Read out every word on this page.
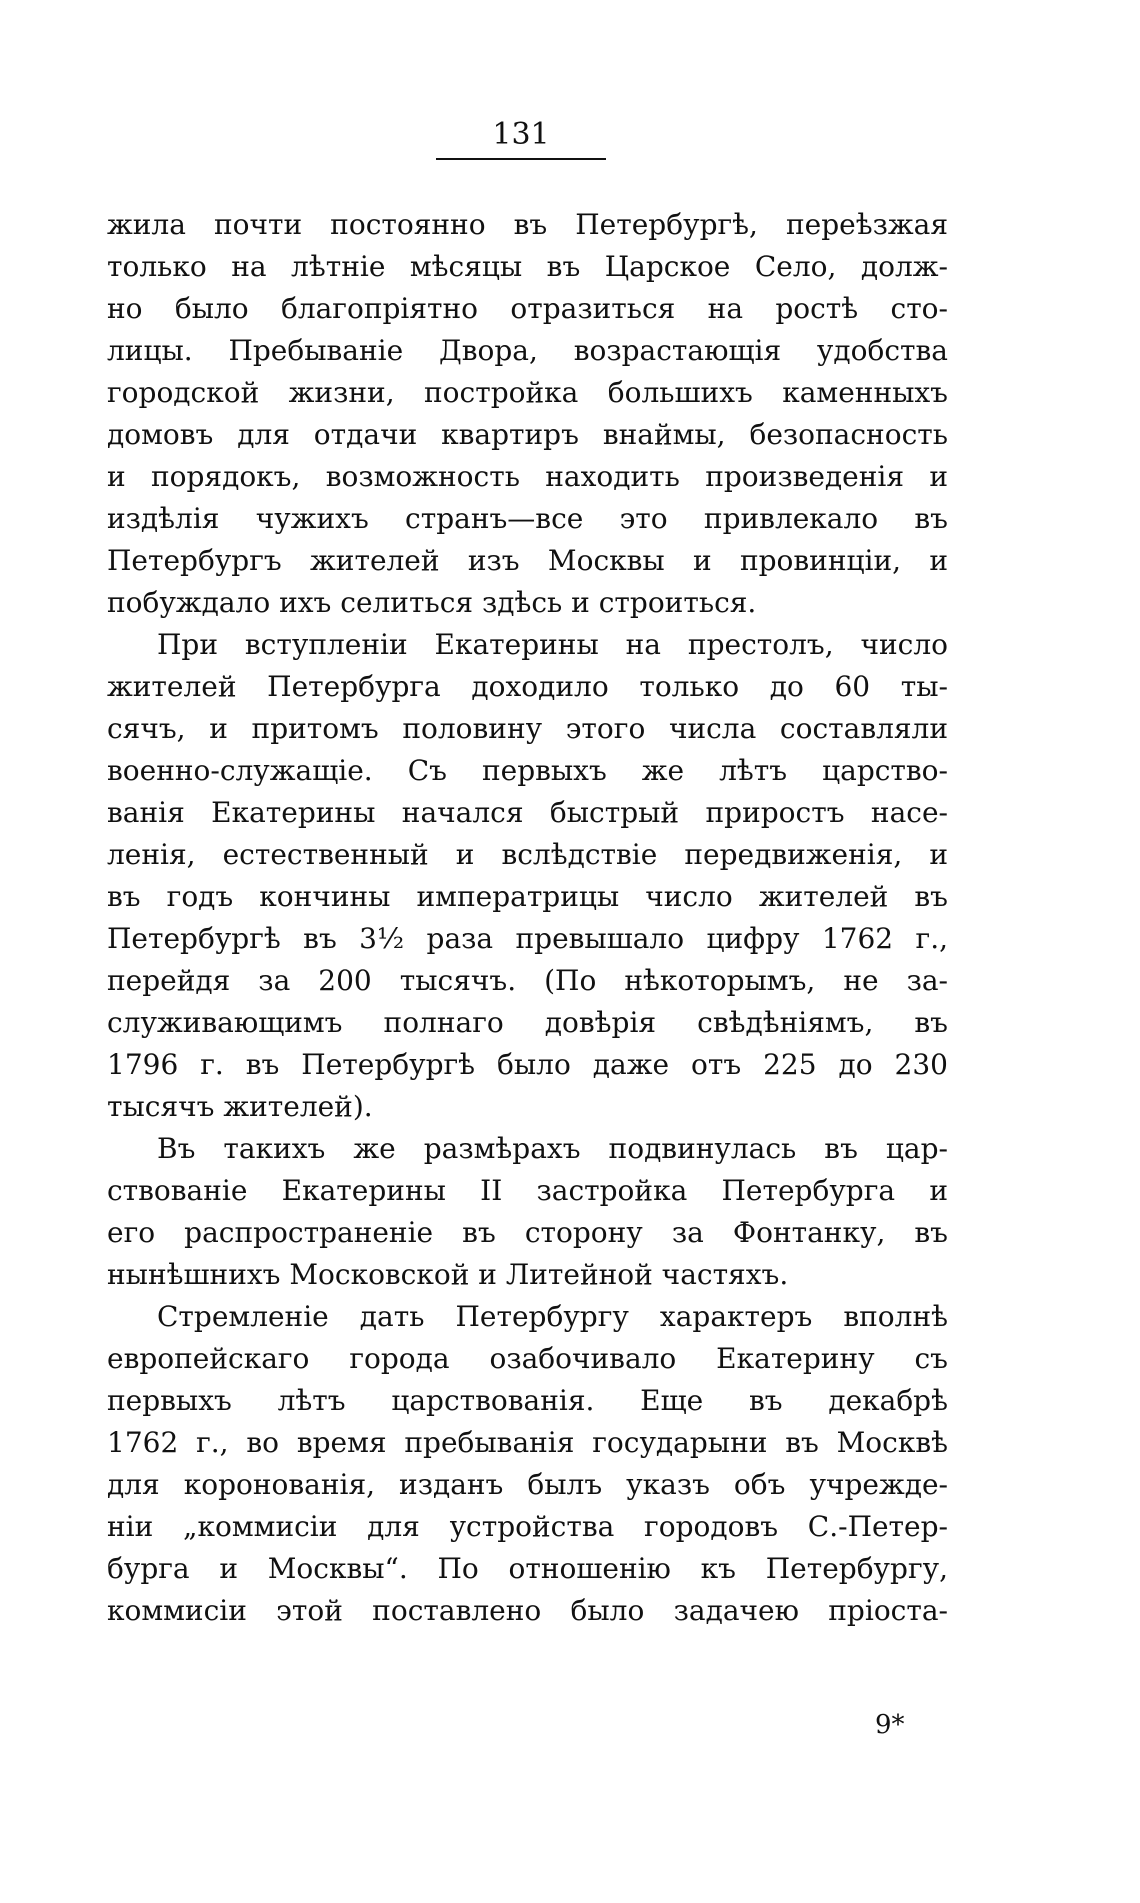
131
жила почти постоянно въ Петербургѣ, переѣзжая
только на лѣтніе мѣсяцы въ Царское Село, долж-
но было благопріятно отразиться на ростѣ сто-
лицы. Пребываніе Двора, возрастающія удобства
городской жизни, постройка большихъ каменныхъ
домовъ для отдачи квартиръ внаймы, безопасность
и порядокъ, возможность находить произведенія и
издѣлія чужихъ странъ—все это привлекало въ
Петербургъ жителей изъ Москвы и провинціи, и
побуждало ихъ селиться здѣсь и строиться.
При вступленіи Екатерины на престолъ, число
жителей Петербурга доходило только до 60 ты-
сячъ, и притомъ половину этого числа составляли
военно-служащіе. Съ первыхъ же лѣтъ царство-
ванія Екатерины начался быстрый приростъ насе-
ленія, естественный и вслѣдствіе передвиженія, и
въ годъ кончины императрицы число жителей въ
Петербургѣ въ 3½ раза превышало цифру 1762 г.,
перейдя за 200 тысячъ. (По нѣкоторымъ, не за-
служивающимъ полнаго довѣрія свѣдѣніямъ, въ
1796 г. въ Петербургѣ было даже отъ 225 до 230
тысячъ жителей).
Въ такихъ же размѣрахъ подвинулась въ цар-
ствованіе Екатерины II застройка Петербурга и
его распространеніе въ сторону за Фонтанку, въ
нынѣшнихъ Московской и Литейной частяхъ.
Стремленіе дать Петербургу характеръ вполнѣ
европейскаго города озабочивало Екатерину съ
первыхъ лѣтъ царствованія. Еще въ декабрѣ
1762 г., во время пребыванія государыни въ Москвѣ
для коронованія, изданъ былъ указъ объ учрежде-
ніи „коммисіи для устройства городовъ С.-Петер-
бурга и Москвы“. По отношенію къ Петербургу,
коммисіи этой поставлено было задачею пріоста-
9*
